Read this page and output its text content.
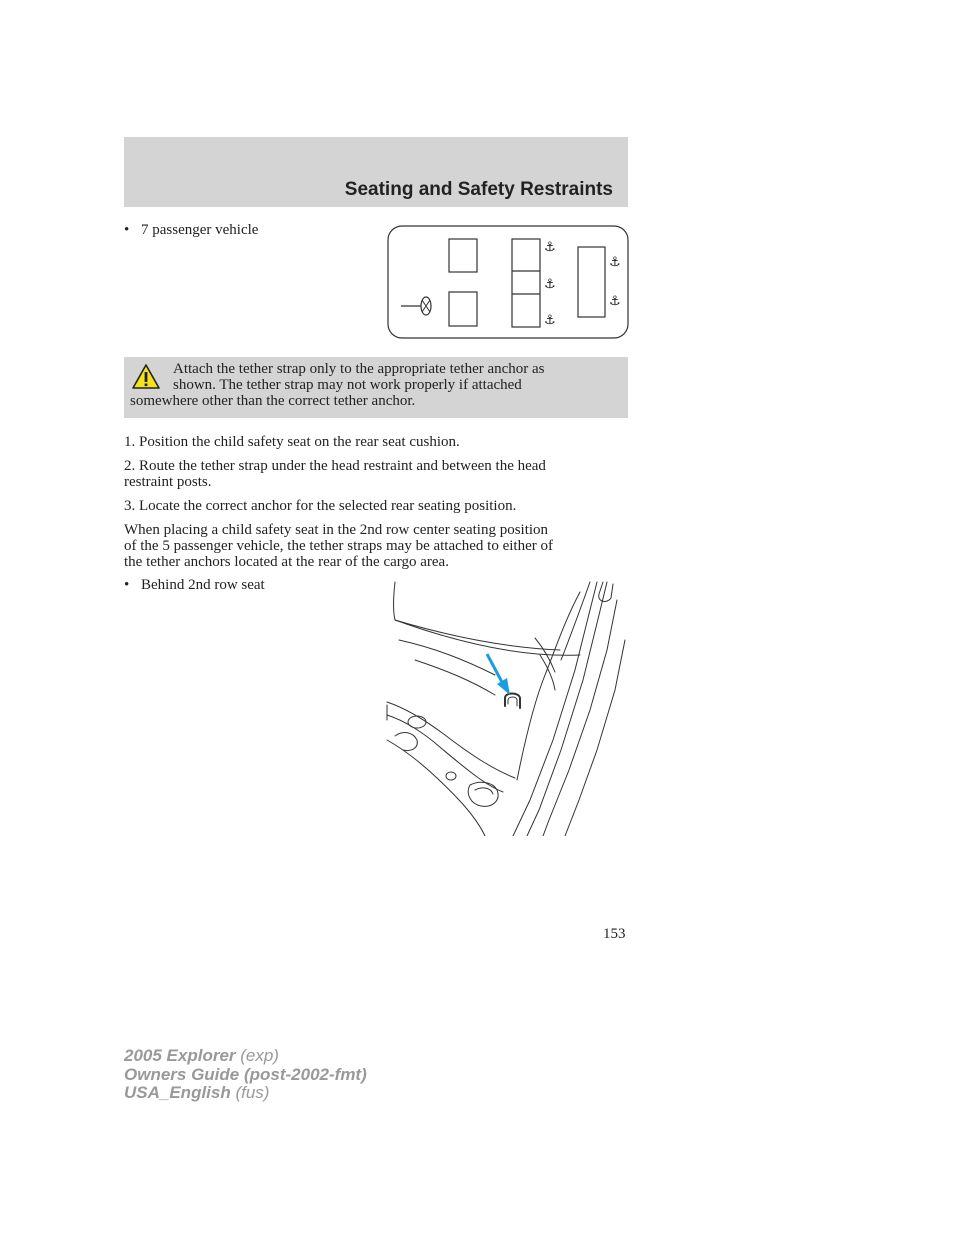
Seating and Safety Restraints
• 7 passenger vehicle
⚓
⚓
⚓
⚓
⚓
Attach the tether strap only to the appropriate tether anchor as
shown. The tether strap may not work properly if attached
somewhere other than the correct tether anchor.
1. Position the child safety seat on the rear seat cushion.
2. Route the tether strap under the head restraint and between the head
restraint posts.
3. Locate the correct anchor for the selected rear seating position.
When placing a child safety seat in the 2nd row center seating position
of the 5 passenger vehicle, the tether straps may be attached to either of
the tether anchors located at the rear of the cargo area.
• Behind 2nd row seat
153
2005 Explorer (exp)
Owners Guide (post-2002-fmt)
USA_English (fus)
